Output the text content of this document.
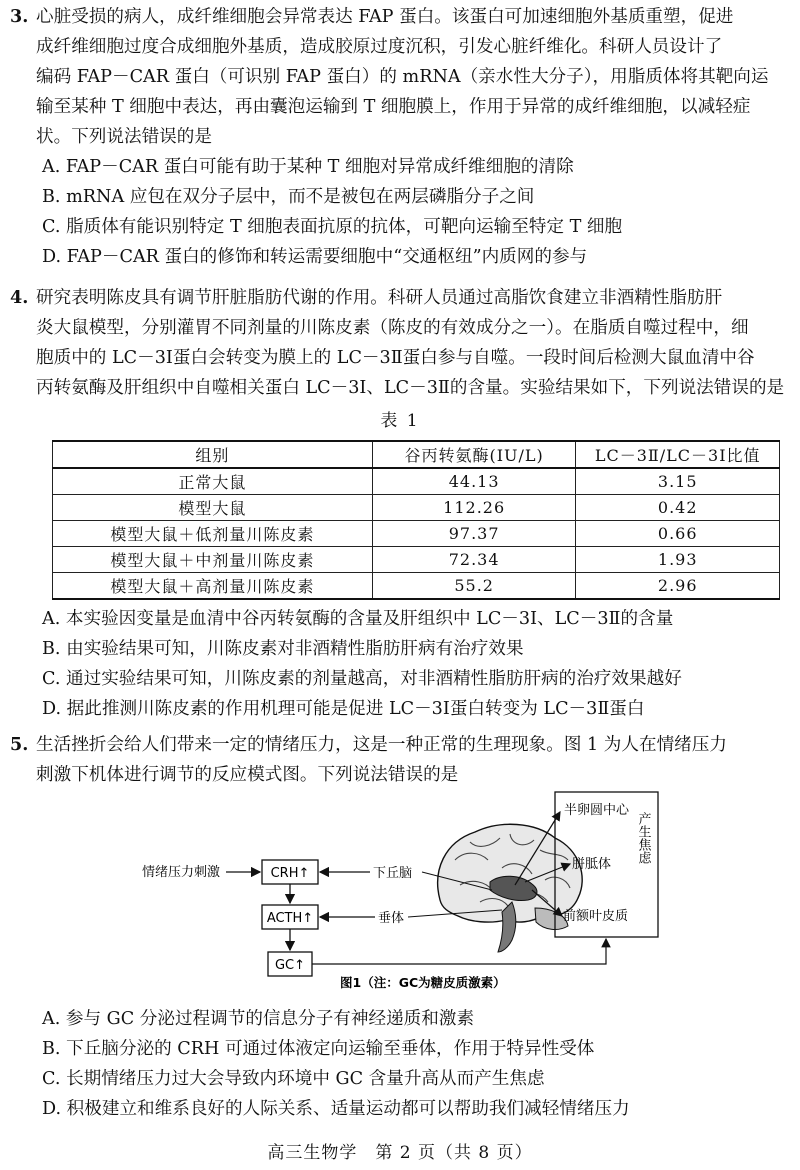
3. 心脏受损的病人，成纤维细胞会异常表达 FAP 蛋白。该蛋白可加速细胞外基质重塑，促进
成纤维细胞过度合成细胞外基质，造成胶原过度沉积，引发心脏纤维化。科研人员设计了
编码 FAP－CAR 蛋白（可识别 FAP 蛋白）的 mRNA（亲水性大分子），用脂质体将其靶向运
输至某种 T 细胞中表达，再由囊泡运输到 T 细胞膜上，作用于异常的成纤维细胞，以减轻症
状。下列说法错误的是
A. FAP－CAR 蛋白可能有助于某种 T 细胞对异常成纤维细胞的清除
B. mRNA 应包在双分子层中，而不是被包在两层磷脂分子之间
C. 脂质体有能识别特定 T 细胞表面抗原的抗体，可靶向运输至特定 T 细胞
D. FAP－CAR 蛋白的修饰和转运需要细胞中“交通枢纽”内质网的参与
4. 研究表明陈皮具有调节肝脏脂肪代谢的作用。科研人员通过高脂饮食建立非酒精性脂肪肝
炎大鼠模型，分别灌胃不同剂量的川陈皮素（陈皮的有效成分之一）。在脂质自噬过程中，细
胞质中的 LC－3Ⅰ蛋白会转变为膜上的 LC－3Ⅱ蛋白参与自噬。一段时间后检测大鼠血清中谷
丙转氨酶及肝组织中自噬相关蛋白 LC－3Ⅰ、LC－3Ⅱ的含量。实验结果如下，下列说法错误的是
表 1
组别	谷丙转氨酶(IU/L)	LC－3Ⅱ/LC－3Ⅰ比值
正常大鼠	44.13	3.15
模型大鼠	112.26	0.42
模型大鼠＋低剂量川陈皮素	97.37	0.66
模型大鼠＋中剂量川陈皮素	72.34	1.93
模型大鼠＋高剂量川陈皮素	55.2	2.96
A. 本实验因变量是血清中谷丙转氨酶的含量及肝组织中 LC－3Ⅰ、LC－3Ⅱ的含量
B. 由实验结果可知，川陈皮素对非酒精性脂肪肝病有治疗效果
C. 通过实验结果可知，川陈皮素的剂量越高，对非酒精性脂肪肝病的治疗效果越好
D. 据此推测川陈皮素的作用机理可能是促进 LC－3Ⅰ蛋白转变为 LC－3Ⅱ蛋白
5. 生活挫折会给人们带来一定的情绪压力，这是一种正常的生理现象。图 1 为人在情绪压力
刺激下机体进行调节的反应模式图。下列说法错误的是
情绪压力刺激	CRH↑	下丘脑
ACTH↑	垂体
GC↑
半卵圆中心
胼胝体
前额叶皮质
产生焦虑
图1（注：GC为糖皮质激素）
A. 参与 GC 分泌过程调节的信息分子有神经递质和激素
B. 下丘脑分泌的 CRH 可通过体液定向运输至垂体，作用于特异性受体
C. 长期情绪压力过大会导致内环境中 GC 含量升高从而产生焦虑
D. 积极建立和维系良好的人际关系、适量运动都可以帮助我们减轻情绪压力
高三生物学　第 2 页（共 8 页）
